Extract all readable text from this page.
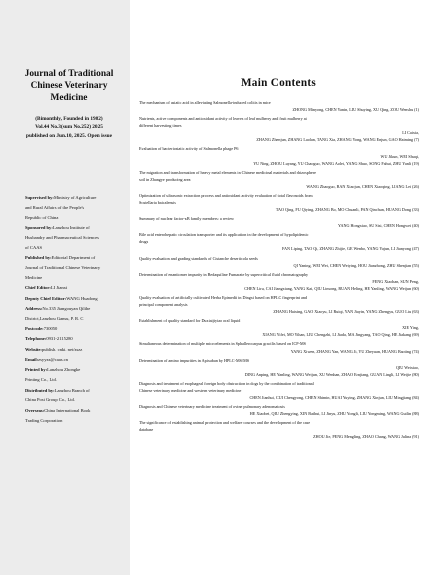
Journal of Traditional
Chinese Veterinary
Medicine
(Bimonthly, Founded in 1982)
Vol.44 No.3(sum No.252) 2025
published on Jun.10, 2025. Open issue
Supervised by:Ministry of Agriculture
and Rural Affairs of the People's
Republic of China
Sponsored by:Lanzhou Institute of
Husbandry and Pharmaceutical Sciences
of CAAS
Published by:Editorial Department of
Journal of Traditional Chinese Veterinary
Medicine
Chief Editor:LI Jianxi
Deputy Chief Editor:WANG Huadong
Address:No.335 Jiangouyan Qilihe
District,Lanzhou Gansu, P. R. C
Postcode:730050
Telephone:0931-2115280
Website:publish. cnki. net/zszz
Email:zsyyzz@caas.cn
Printed by:Lanzhou Zhongke
Printing Co., Ltd.
Distributed by:Lanzhou Branch of
China Post Group Co., Ltd.
Overseas:China International Book
Trading Corporation
Main Contents
The mechanism of asiatic acid in alleviating Salmonella-induced colitis in mice
ZHONG Minyong, CHEN Yanin, LIU Shuying, XU Qing, ZOU Wenshu (1)
Nutrients, active components and antioxidant activity of leaves of leaf mulberry and fruit mulberry at
different harvesting times
LI Caixia,
ZHANG Zhenjun, ZHANG Laolan, TANG Xia, ZHANG Yong, WANG Enjun, GAO Haiming (7)
Evaluation of bacteriostatic activity of Salmonella phage P6
WU Jikun, WEI Shuqi,
YU Ning, ZHOU Luyang, YU Chaoguo, WANG Aolei, YANG Shuo, SONG Fahui, ZHU Yanli (19)
The migration and transformation of heavy metal elements in Chinese medicinal materials and rhizosphere
soil in Zhangye producing area
WANG Zhaoguo, BAN Xiaojun, CHEN Xiaoqing, LIANG Lei (26)
Optimization of ultrasonic extraction process and antioxidant activity evaluation of total flavonoids from
Scutellaria baicalensis
TAO Qing, FU Qiying, ZHANG Bo, MO Chuanli, PAN Qinchun, HUANG Dong (33)
Summary of nuclear factor-κB family members: a review
YANG Hongxiao, SU Sisi, CHEN Hongwei (40)
Bile acid enterohepatic circulation transporter and its application in the development of hypolipidemic
drugs
FAN Liping, TAO Qi, ZHANG Zhijie, GE Wenbo, YANG Yajun, LI Jianyong (47)
Quality evaluation and grading standards of Cistanche deserticola seeds
QI Yaning, WEI Wei, CHEN Weiying, HOU Jianzhong, ZHU Shenjian (55)
Determination of enantiomer impurity in Bedaquiline Fumarate by supercritical fluid chromatography
FENG Xiaohan, SUN Peng,
CHEN Liru, CAI Jiangxiang, YANG Kai, QIU Linsong, RUAN Heling, HE Yanling, WANG Weijun (60)
Quality evaluation of artificially cultivated Herba Epimedii in Dingxi based on HPLC fingerprint and
principal component analysis
ZHANG Haixing, GAO Xiaoyu, LI Ruiqi, YAN Jiayin, YANG Zhengyu, GUO Liu (63)
Establishment of quality standard for Duxiaijiyiao oral liquid
XIE Ying,
XIANG Yifei, MO Yihan, LIU Chengzhi, LI Jiada, MA Jingyang, TAO Qing, HE Jiakang (69)
Simultaneous determination of multiple microelements in Sphallerocarpus gracilis based on ICP-MS
YANG Xiwen, ZHANG Yan, WANG Ji, YU Zheyuan, HUANG Baoting (74)
Determination of amino impurities in Apixaban by HPLC-MS/MS
QIU Weixiao,
DING Anping, HE Yanling, WANG Weijun, XU Wenhan, ZHAO Ernjiang, GUAN Lingli, LI Weijie (80)
Diagnosis and treatment of esophageal foreign body obstruction in dogs by the combination of traditional
Chinese veterinary medicine and western veterinary medicine
CHEN Jianhui, CUI Chengyong, CHEN Shimin, HUAI Yuying, ZHANG Xinjun, LIU Mingjiang (84)
Diagnosis and Chinese veterinary medicine treatment of ovine pulmonary adenomatosis
HE Xiaobei, QIU Zhengying, XIN Baihui, LI Jinyu, ZHU Yongli, LIU Yongming, WANG Guilin (88)
The significance of establishing animal protection and welfare courses and the development of the case
database
ZHOU Jie, PENG Mengling, ZHAO Chang, WANG Julina (91)
